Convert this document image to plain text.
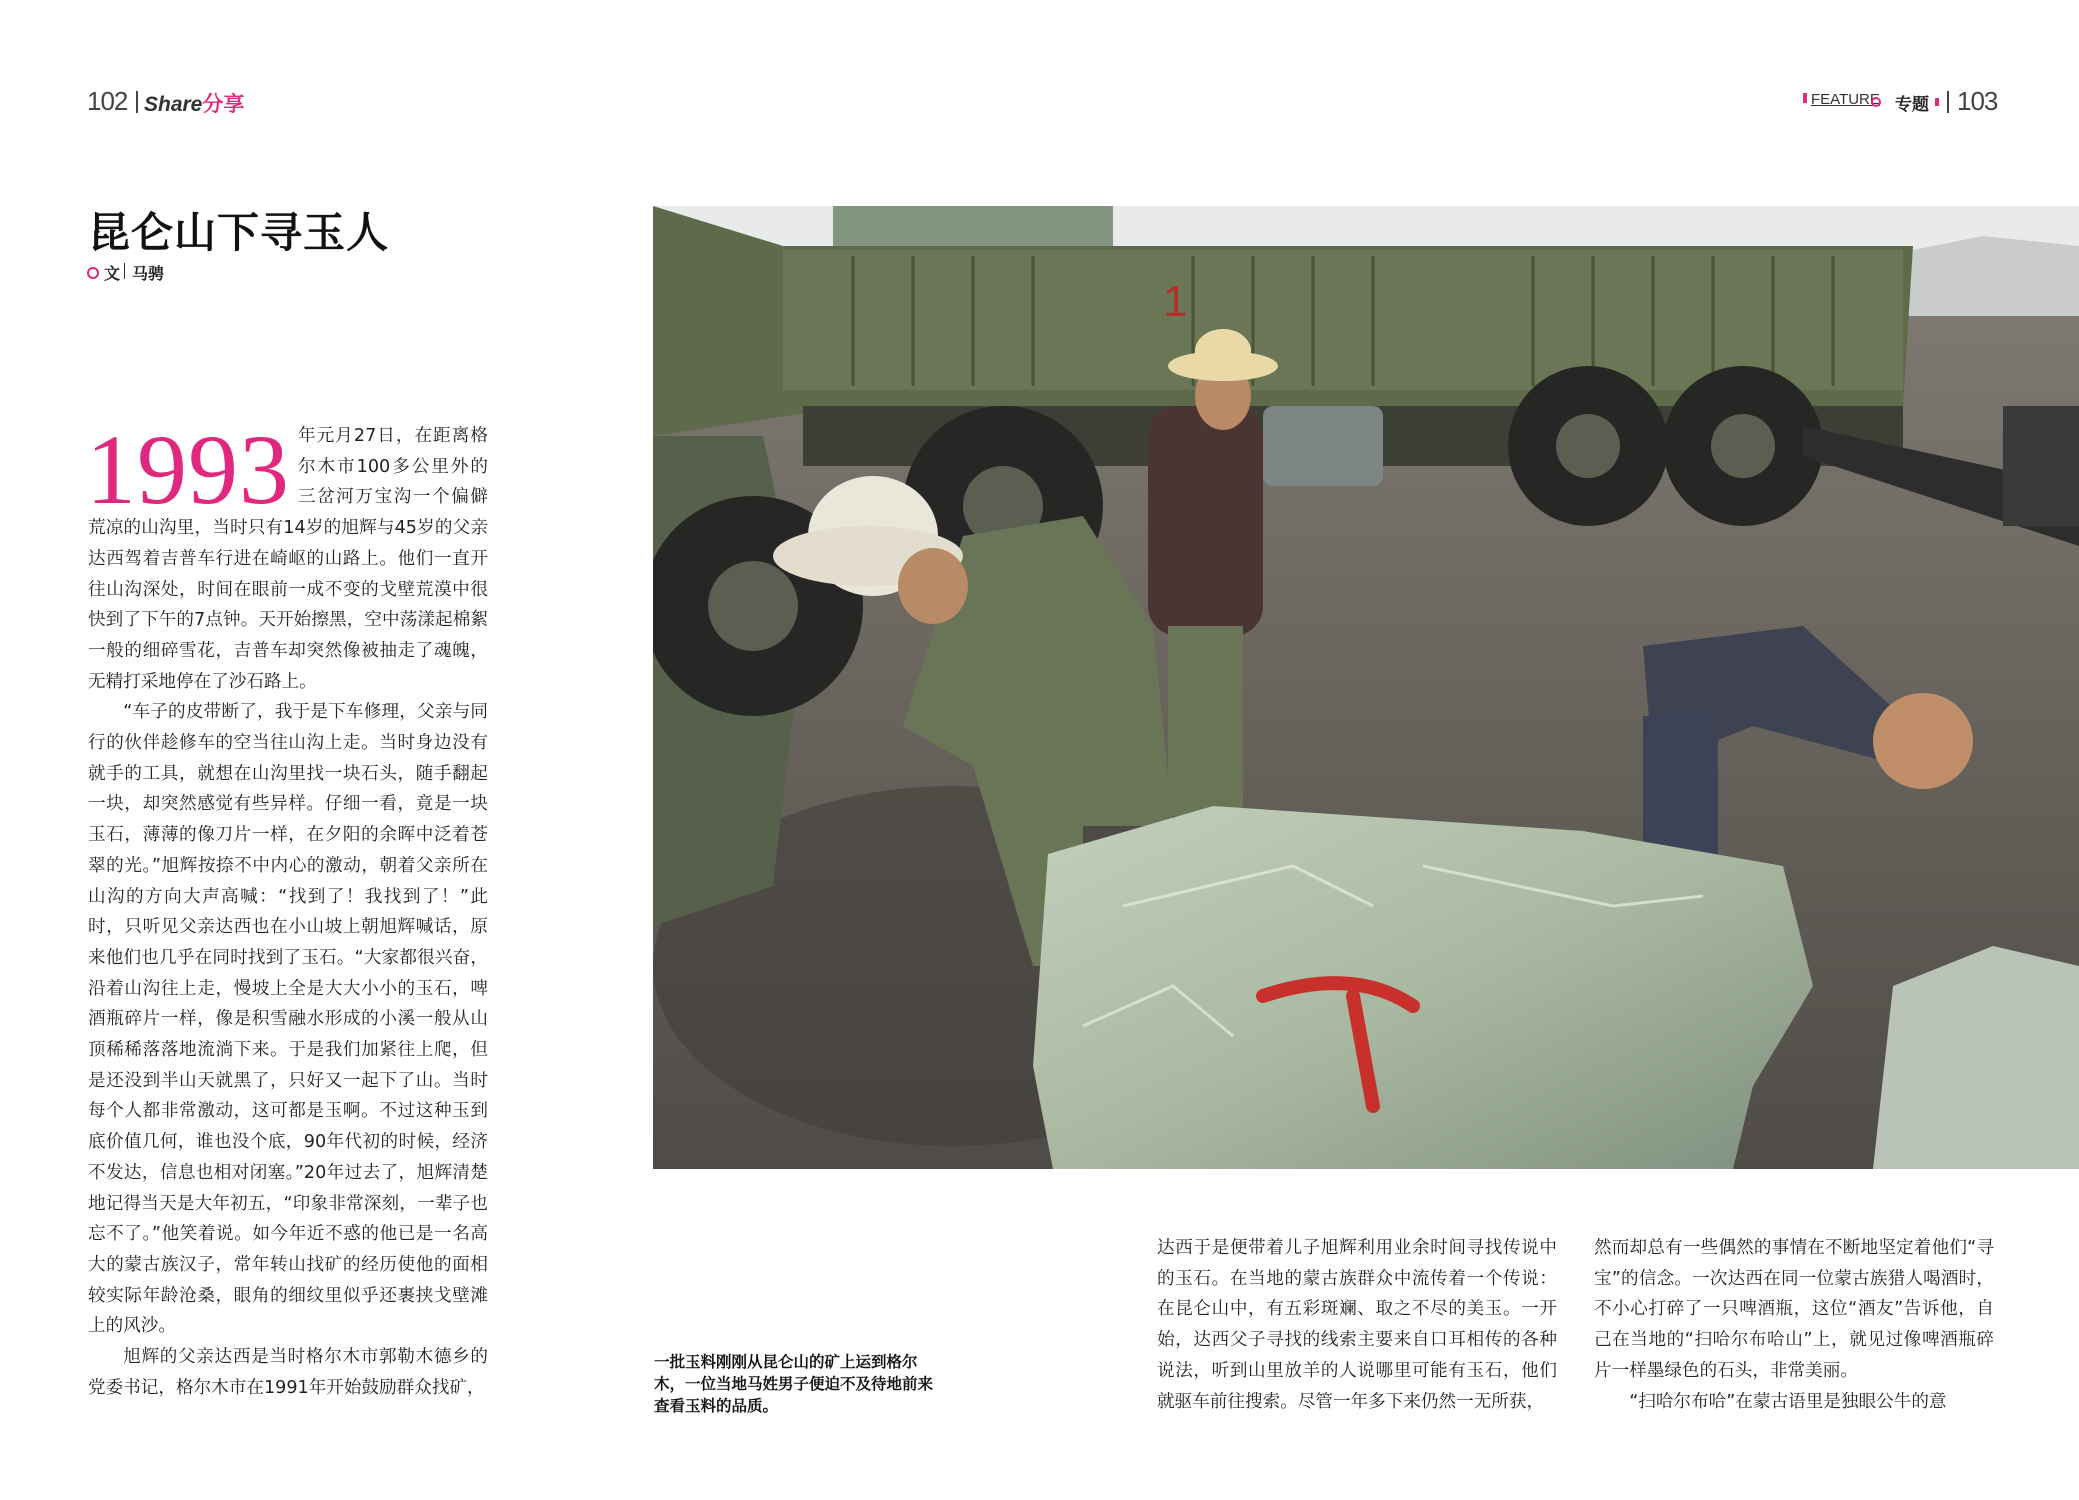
102 Share分享	FEATURE 专题 103
昆仑山下寻玉人
文 马骋

1993 年元月27日，在距离格尔木市100多公里外的三岔河万宝沟一个偏僻荒凉的山沟里，当时只有14岁的旭辉与45岁的父亲达西驾着吉普车行进在崎岖的山路上。他们一直开往山沟深处，时间在眼前一成不变的戈壁荒漠中很快到了下午的7点钟。天开始擦黑，空中荡漾起棉絮一般的细碎雪花，吉普车却突然像被抽走了魂魄，无精打采地停在了沙石路上。

“车子的皮带断了，我于是下车修理，父亲与同行的伙伴趁修车的空当往山沟上走。当时身边没有就手的工具，就想在山沟里找一块石头，随手翻起一块，却突然感觉有些异样。仔细一看，竟是一块玉石，薄薄的像刀片一样，在夕阳的余晖中泛着苍翠的光。”旭辉按捺不中内心的激动，朝着父亲所在山沟的方向大声高喊：“找到了！我找到了！”此时，只听见父亲达西也在小山坡上朝旭辉喊话，原来他们也几乎在同时找到了玉石。“大家都很兴奋，沿着山沟往上走，慢坡上全是大大小小的玉石，啤酒瓶碎片一样，像是积雪融水形成的小溪一般从山顶稀稀落落地流淌下来。于是我们加紧往上爬，但是还没到半山天就黑了，只好又一起下了山。当时每个人都非常激动，这可都是玉啊。不过这种玉到底价值几何，谁也没个底，90年代初的时候，经济不发达，信息也相对闭塞。”20年过去了，旭辉清楚地记得当天是大年初五，“印象非常深刻，一辈子也忘不了。”他笑着说。如今年近不惑的他已是一名高大的蒙古族汉子，常年转山找矿的经历使他的面相较实际年龄沧桑，眼角的细纹里似乎还裹挟戈壁滩上的风沙。

旭辉的父亲达西是当时格尔木市郭勒木德乡的党委书记，格尔木市在1991年开始鼓励群众找矿，

1
一批玉料刚刚从昆仑山的矿上运到格尔木，一位当地马姓男子便迫不及待地前来查看玉料的品质。

达西于是便带着儿子旭辉利用业余时间寻找传说中的玉石。在当地的蒙古族群众中流传着一个传说：在昆仑山中，有五彩斑斓、取之不尽的美玉。一开始，达西父子寻找的线索主要来自口耳相传的各种说法，听到山里放羊的人说哪里可能有玉石，他们就驱车前往搜索。尽管一年多下来仍然一无所获，

然而却总有一些偶然的事情在不断地坚定着他们“寻宝”的信念。一次达西在同一位蒙古族猎人喝酒时，不小心打碎了一只啤酒瓶，这位“酒友”告诉他，自己在当地的“扫哈尔布哈山”上，就见过像啤酒瓶碎片一样墨绿色的石头，非常美丽。

“扫哈尔布哈”在蒙古语里是独眼公牛的意
